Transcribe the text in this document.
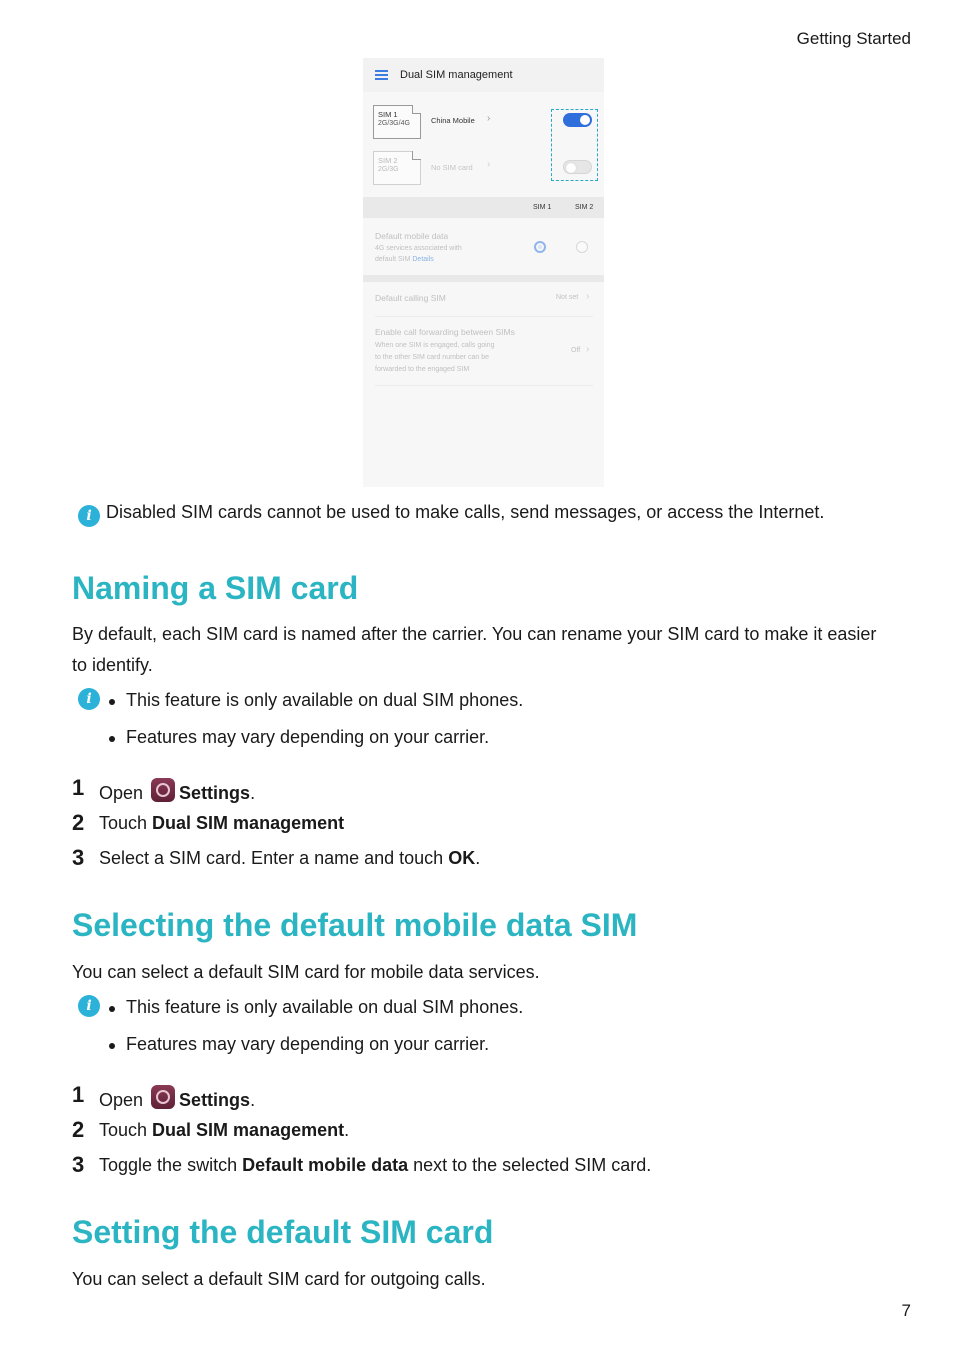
Getting Started
Dual SIM management
SIM 1
2G/3G/4G	China Mobile ›
SIM 2
2G/3G	No SIM card ›
SIM 1	SIM 2
Default mobile data
4G services associated with
default SIM Details
Default calling SIM	Not set ›
Enable call forwarding between SIMs
When one SIM is engaged, calls going
to the other SIM card number can be
forwarded to the engaged SIM
Off ›
i Disabled SIM cards cannot be used to make calls, send messages, or access the Internet.
Naming a SIM card
By default, each SIM card is named after the carrier. You can rename your SIM card to make it easier to identify.
i	This feature is only available on dual SIM phones.
Features may vary depending on your carrier.
1 Open Settings.
2 Touch Dual SIM management
3 Select a SIM card. Enter a name and touch OK.
Selecting the default mobile data SIM
You can select a default SIM card for mobile data services.
i	This feature is only available on dual SIM phones.
Features may vary depending on your carrier.
1 Open Settings.
2 Touch Dual SIM management.
3 Toggle the switch Default mobile data next to the selected SIM card.
Setting the default SIM card
You can select a default SIM card for outgoing calls.
7
